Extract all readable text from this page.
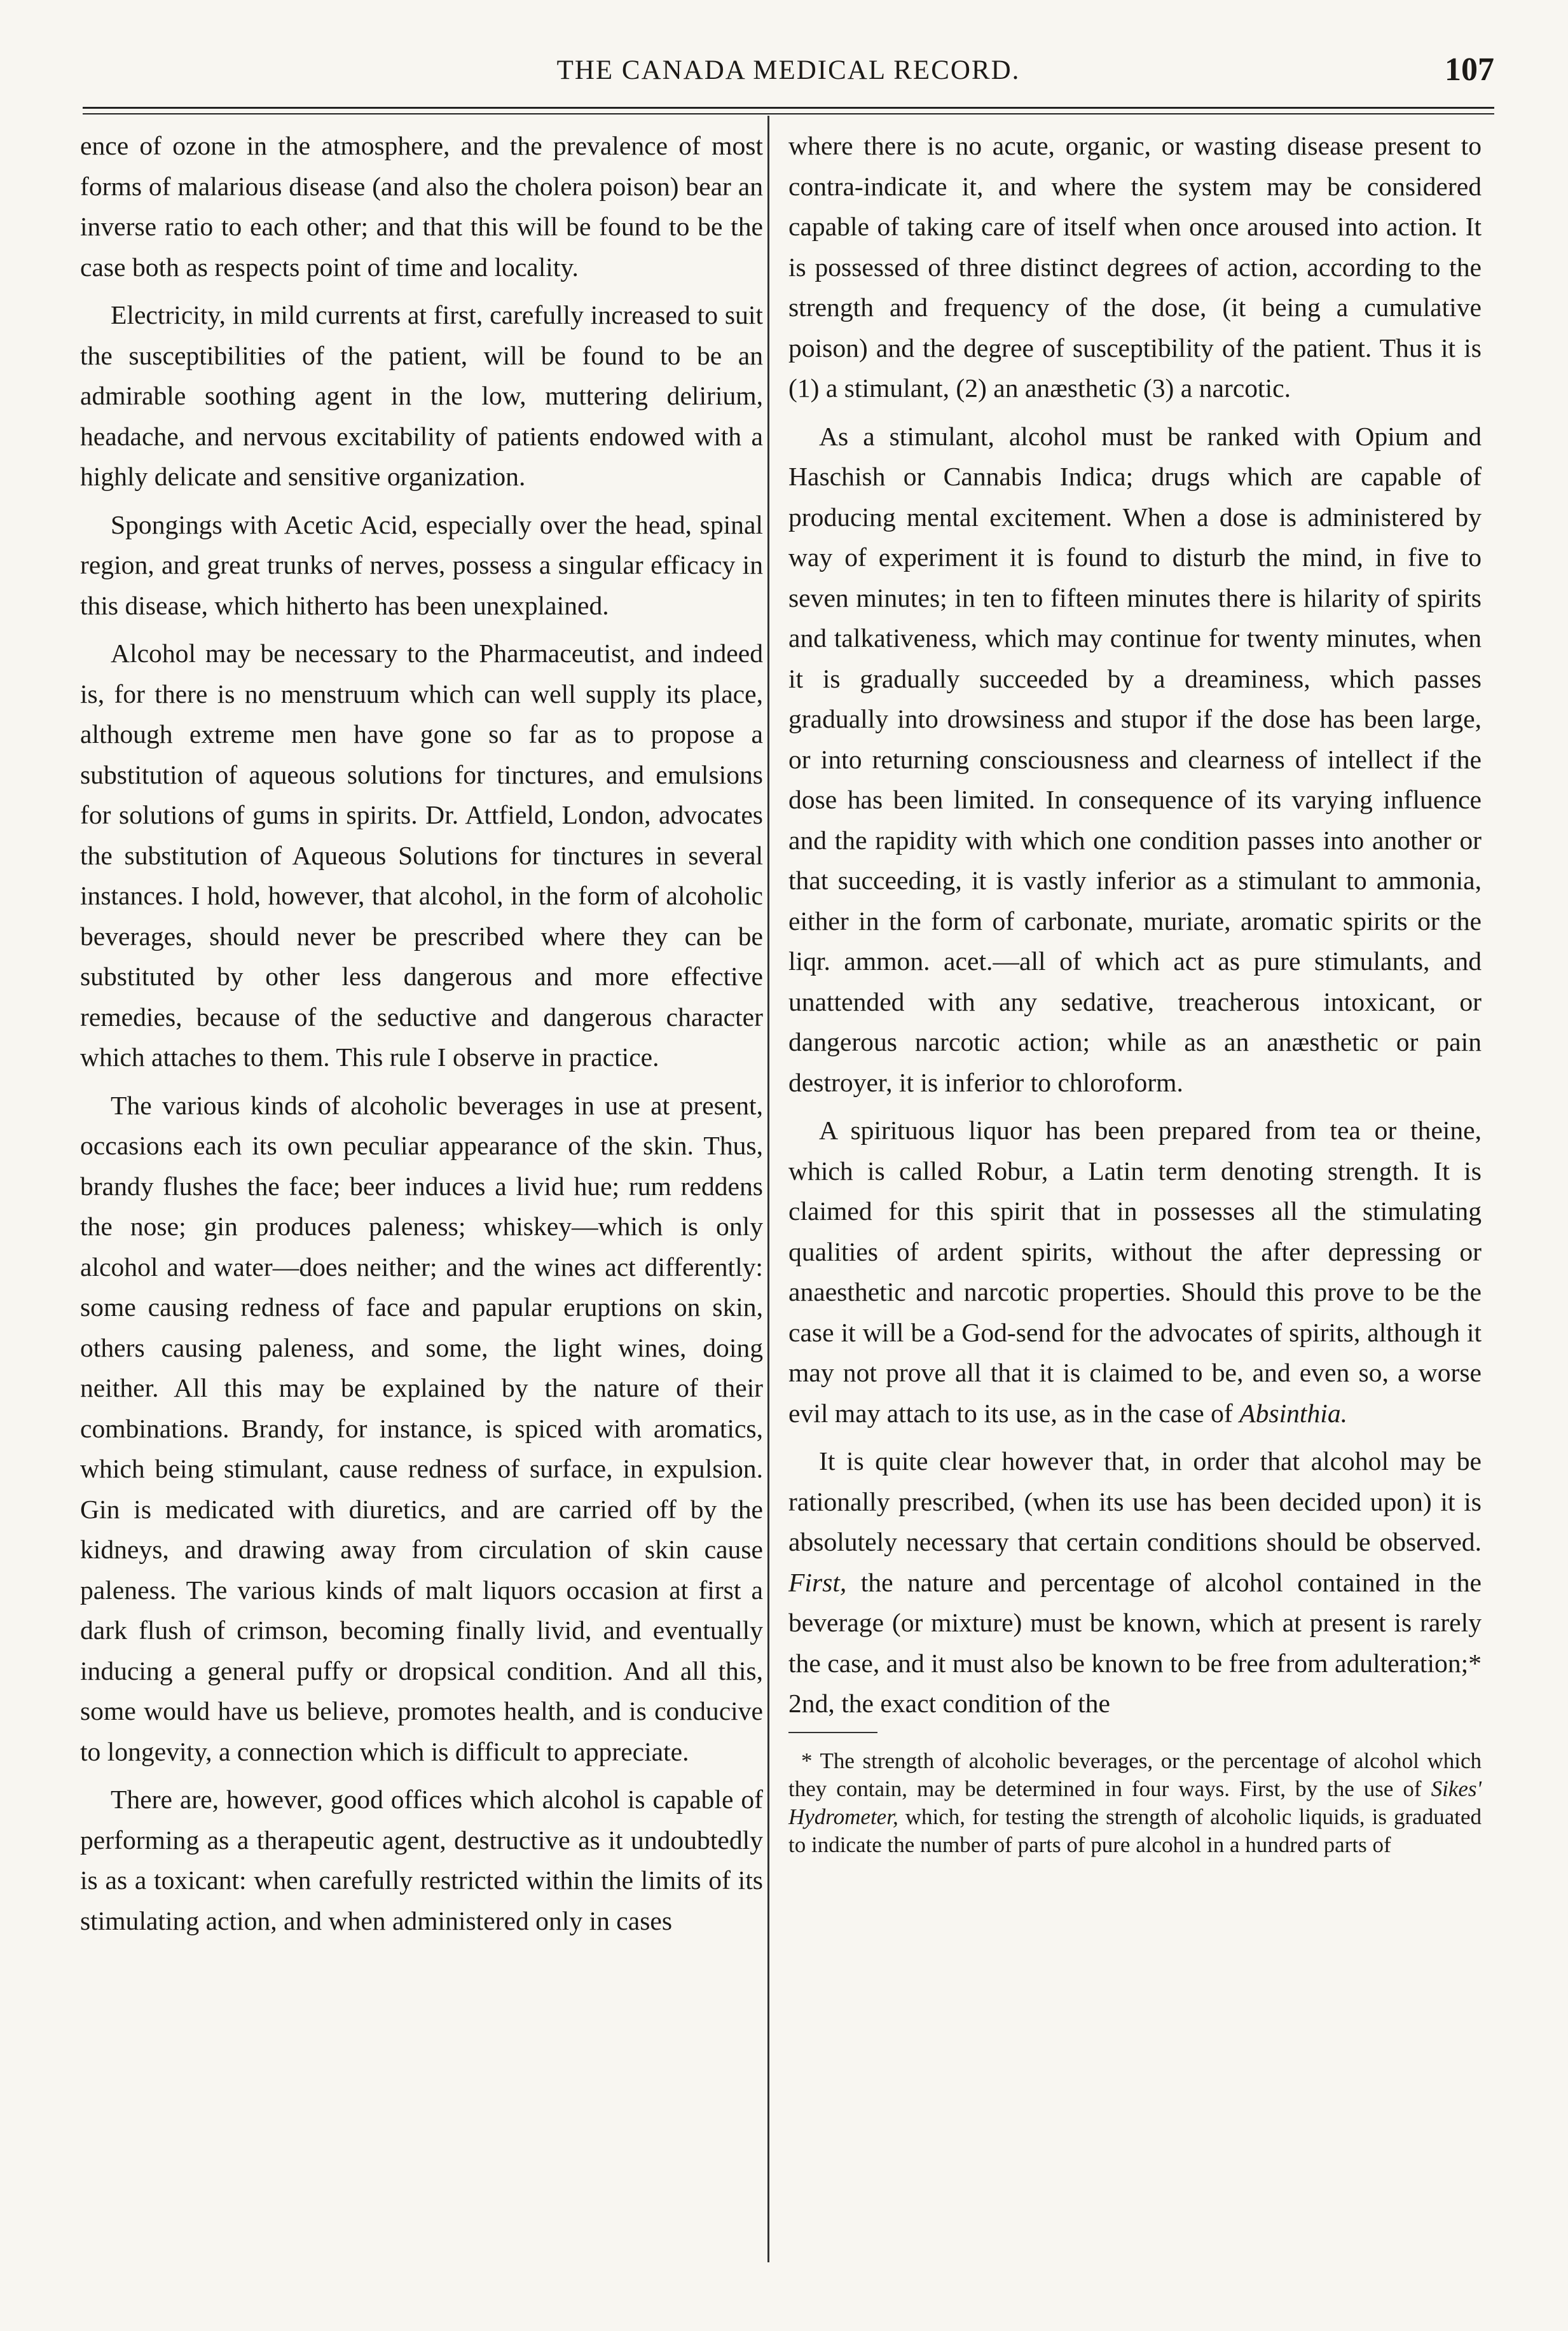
THE CANADA MEDICAL RECORD.	107

ence of ozone in the atmosphere, and the prevalence of most forms of malarious disease (and also the cholera poison) bear an inverse ratio to each other; and that this will be found to be the case both as respects point of time and locality.

Electricity, in mild currents at first, carefully increased to suit the susceptibilities of the patient, will be found to be an admirable soothing agent in the low, muttering delirium, headache, and nervous excitability of patients endowed with a highly delicate and sensitive organization.

Spongings with Acetic Acid, especially over the head, spinal region, and great trunks of nerves, possess a singular efficacy in this disease, which hitherto has been unexplained.

Alcohol may be necessary to the Pharmaceutist, and indeed is, for there is no menstruum which can well supply its place, although extreme men have gone so far as to propose a substitution of aqueous solutions for tinctures, and emulsions for solutions of gums in spirits. Dr. Attfield, London, advocates the substitution of Aqueous Solutions for tinctures in several instances. I hold, however, that alcohol, in the form of alcoholic beverages, should never be prescribed where they can be substituted by other less dangerous and more effective remedies, because of the seductive and dangerous character which attaches to them. This rule I observe in practice.

The various kinds of alcoholic beverages in use at present, occasions each its own peculiar appearance of the skin. Thus, brandy flushes the face; beer induces a livid hue; rum reddens the nose; gin produces paleness; whiskey—which is only alcohol and water—does neither; and the wines act differently: some causing redness of face and papular eruptions on skin, others causing paleness, and some, the light wines, doing neither. All this may be explained by the nature of their combinations. Brandy, for instance, is spiced with aromatics, which being stimulant, cause redness of surface, in expulsion. Gin is medicated with diuretics, and are carried off by the kidneys, and drawing away from circulation of skin cause paleness. The various kinds of malt liquors occasion at first a dark flush of crimson, becoming finally livid, and eventually inducing a general puffy or dropsical condition. And all this, some would have us believe, promotes health, and is conducive to longevity, a connection which is difficult to appreciate.

There are, however, good offices which alcohol is capable of performing as a therapeutic agent, destructive as it undoubtedly is as a toxicant: when carefully restricted within the limits of its stimulating action, and when administered only in cases

where there is no acute, organic, or wasting disease present to contra-indicate it, and where the system may be considered capable of taking care of itself when once aroused into action. It is possessed of three distinct degrees of action, according to the strength and frequency of the dose, (it being a cumulative poison) and the degree of susceptibility of the patient. Thus it is (1) a stimulant, (2) an anæsthetic (3) a narcotic.

As a stimulant, alcohol must be ranked with Opium and Haschish or Cannabis Indica; drugs which are capable of producing mental excitement. When a dose is administered by way of experiment it is found to disturb the mind, in five to seven minutes; in ten to fifteen minutes there is hilarity of spirits and talkativeness, which may continue for twenty minutes, when it is gradually succeeded by a dreaminess, which passes gradually into drowsiness and stupor if the dose has been large, or into returning consciousness and clearness of intellect if the dose has been limited. In consequence of its varying influence and the rapidity with which one condition passes into another or that succeeding, it is vastly inferior as a stimulant to ammonia, either in the form of carbonate, muriate, aromatic spirits or the liqr. ammon. acet.—all of which act as pure stimulants, and unattended with any sedative, treacherous intoxicant, or dangerous narcotic action; while as an anæsthetic or pain destroyer, it is inferior to chloroform.

A spirituous liquor has been prepared from tea or theine, which is called Robur, a Latin term denoting strength. It is claimed for this spirit that in possesses all the stimulating qualities of ardent spirits, without the after depressing or anaesthetic and narcotic properties. Should this prove to be the case it will be a God-send for the advocates of spirits, although it may not prove all that it is claimed to be, and even so, a worse evil may attach to its use, as in the case of Absinthia.

It is quite clear however that, in order that alcohol may be rationally prescribed, (when its use has been decided upon) it is absolutely necessary that certain conditions should be observed. First, the nature and percentage of alcohol contained in the beverage (or mixture) must be known, which at present is rarely the case, and it must also be known to be free from adulteration;* 2nd, the exact condition of the

* The strength of alcoholic beverages, or the percentage of alcohol which they contain, may be determined in four ways. First, by the use of Sikes' Hydrometer, which, for testing the strength of alcoholic liquids, is graduated to indicate the number of parts of pure alcohol in a hundred parts of
